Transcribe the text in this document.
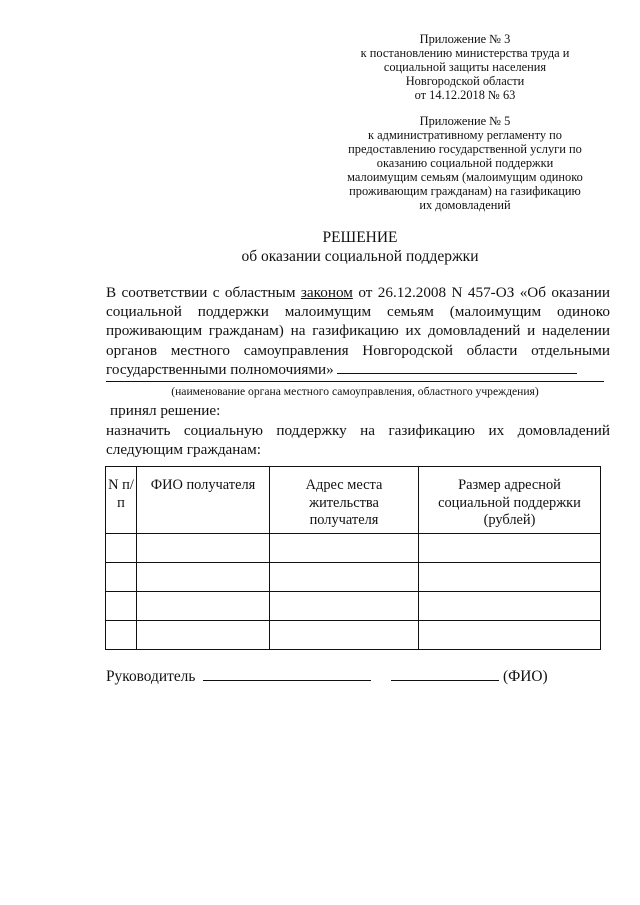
Приложение № 3
к постановлению министерства труда и
социальной защиты населения
Новгородской области
от 14.12.2018 № 63
Приложение № 5
к административному регламенту по
предоставлению государственной услуги по
оказанию социальной поддержки
малоимущим семьям (малоимущим одиноко
проживающим гражданам) на газификацию
их домовладений
РЕШЕНИЕ
об оказании социальной поддержки
В соответствии с областным законом от 26.12.2008 N 457-ОЗ «Об оказании
социальной поддержки малоимущим семьям (малоимущим одиноко
проживающим гражданам) на газификацию их домовладений и наделении
органов местного самоуправления Новгородской области отдельными
государственными полномочиями»
(наименование органа местного самоуправления, областного учреждения)
принял решение:
назначить социальную поддержку на газификацию их домовладений
следующим гражданам:
N п/п	ФИО получателя	Адрес места жительства получателя	Размер адресной социальной поддержки (рублей)

Руководитель	(ФИО)
